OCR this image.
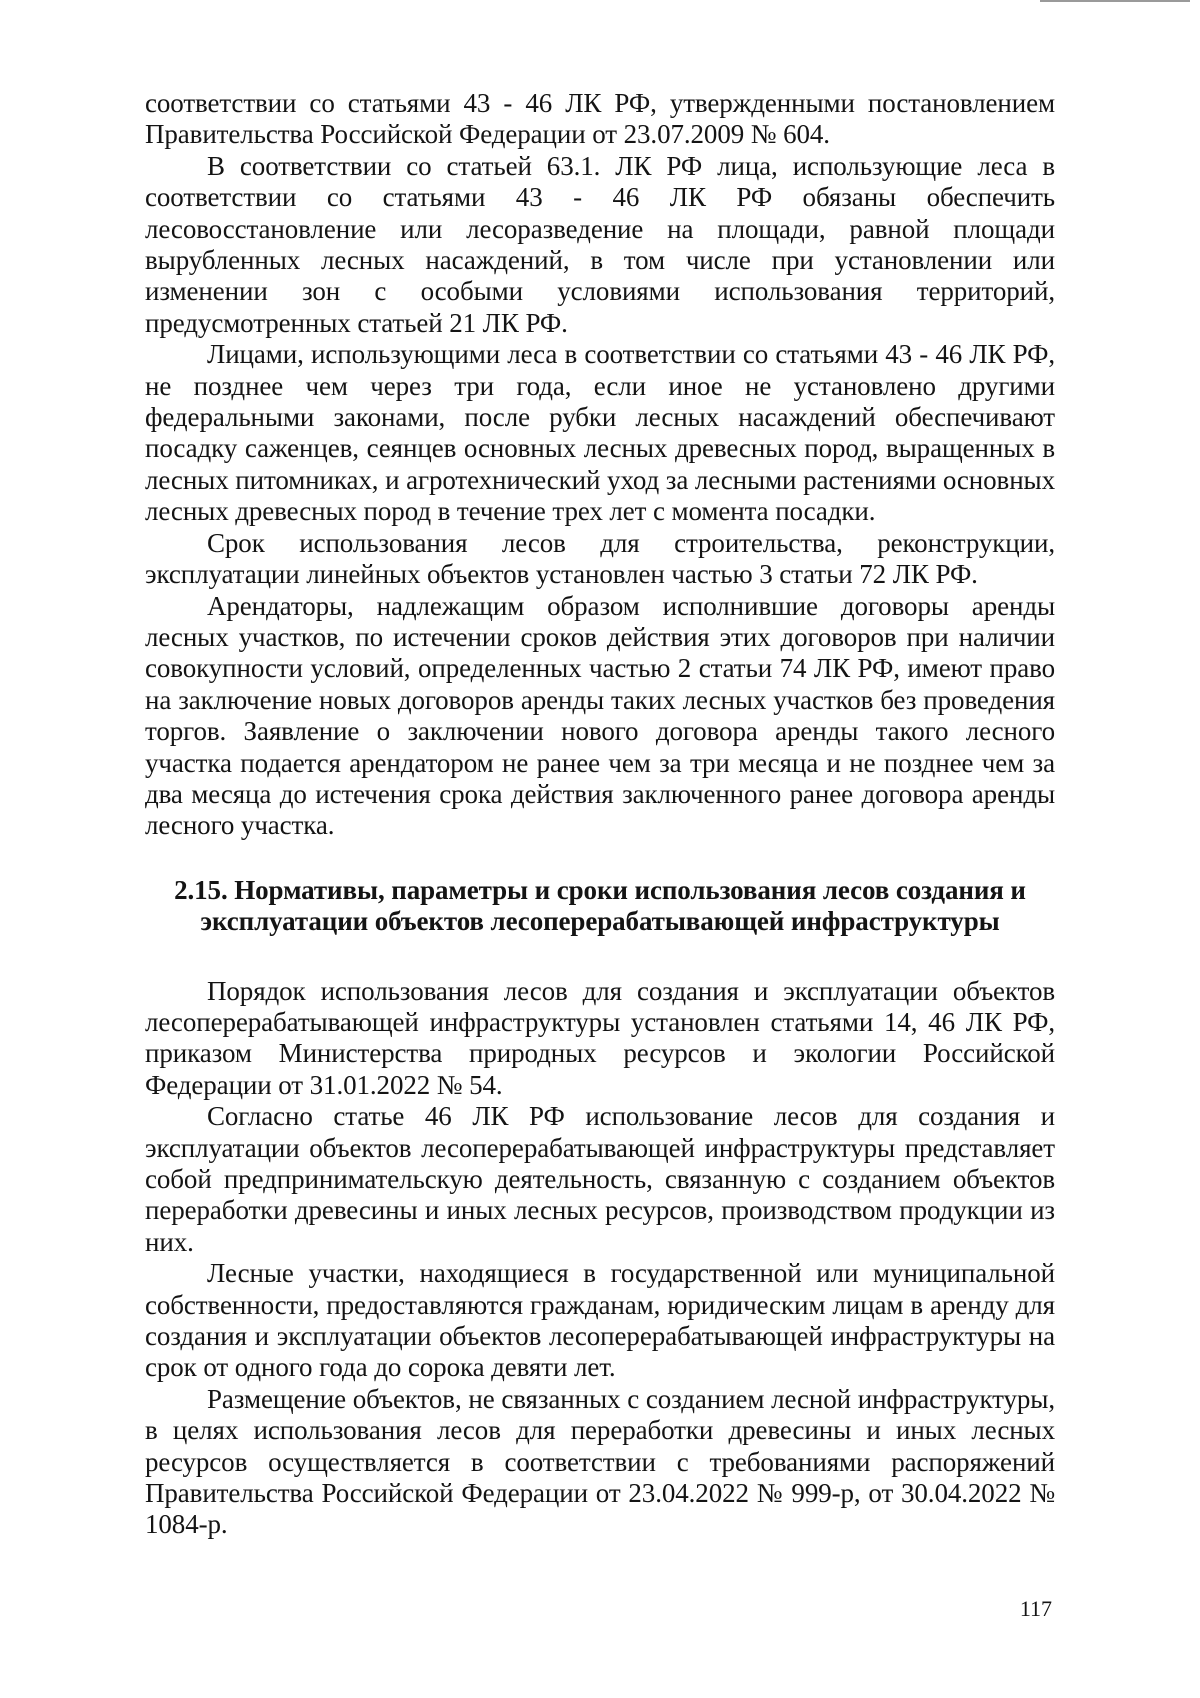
соответствии со статьями 43 - 46 ЛК РФ, утвержденными постановлением Правительства Российской Федерации от 23.07.2009 № 604.

В соответствии со статьей 63.1. ЛК РФ лица, использующие леса в соответствии со статьями 43 - 46 ЛК РФ обязаны обеспечить лесовосстановление или лесоразведение на площади, равной площади вырубленных лесных насаждений, в том числе при установлении или изменении зон с особыми условиями использования территорий, предусмотренных статьей 21 ЛК РФ.

Лицами, использующими леса в соответствии со статьями 43 - 46 ЛК РФ, не позднее чем через три года, если иное не установлено другими федеральными законами, после рубки лесных насаждений обеспечивают посадку саженцев, сеянцев основных лесных древесных пород, выращенных в лесных питомниках, и агротехнический уход за лесными растениями основных лесных древесных пород в течение трех лет с момента посадки.

Срок использования лесов для строительства, реконструкции, эксплуатации линейных объектов установлен частью 3 статьи 72 ЛК РФ.

Арендаторы, надлежащим образом исполнившие договоры аренды лесных участков, по истечении сроков действия этих договоров при наличии совокупности условий, определенных частью 2 статьи 74 ЛК РФ, имеют право на заключение новых договоров аренды таких лесных участков без проведения торгов. Заявление о заключении нового договора аренды такого лесного участка подается арендатором не ранее чем за три месяца и не позднее чем за два месяца до истечения срока действия заключенного ранее договора аренды лесного участка.

2.15. Нормативы, параметры и сроки использования лесов создания и эксплуатации объектов лесоперерабатывающей инфраструктуры

Порядок использования лесов для создания и эксплуатации объектов лесоперерабатывающей инфраструктуры установлен статьями 14, 46 ЛК РФ, приказом Министерства природных ресурсов и экологии Российской Федерации от 31.01.2022 № 54.

Согласно статье 46 ЛК РФ использование лесов для создания и эксплуатации объектов лесоперерабатывающей инфраструктуры представляет собой предпринимательскую деятельность, связанную с созданием объектов переработки древесины и иных лесных ресурсов, производством продукции из них.

Лесные участки, находящиеся в государственной или муниципальной собственности, предоставляются гражданам, юридическим лицам в аренду для создания и эксплуатации объектов лесоперерабатывающей инфраструктуры на срок от одного года до сорока девяти лет.

Размещение объектов, не связанных с созданием лесной инфраструктуры, в целях использования лесов для переработки древесины и иных лесных ресурсов осуществляется в соответствии с требованиями распоряжений Правительства Российской Федерации от 23.04.2022 № 999-р, от 30.04.2022 № 1084-р.

117
